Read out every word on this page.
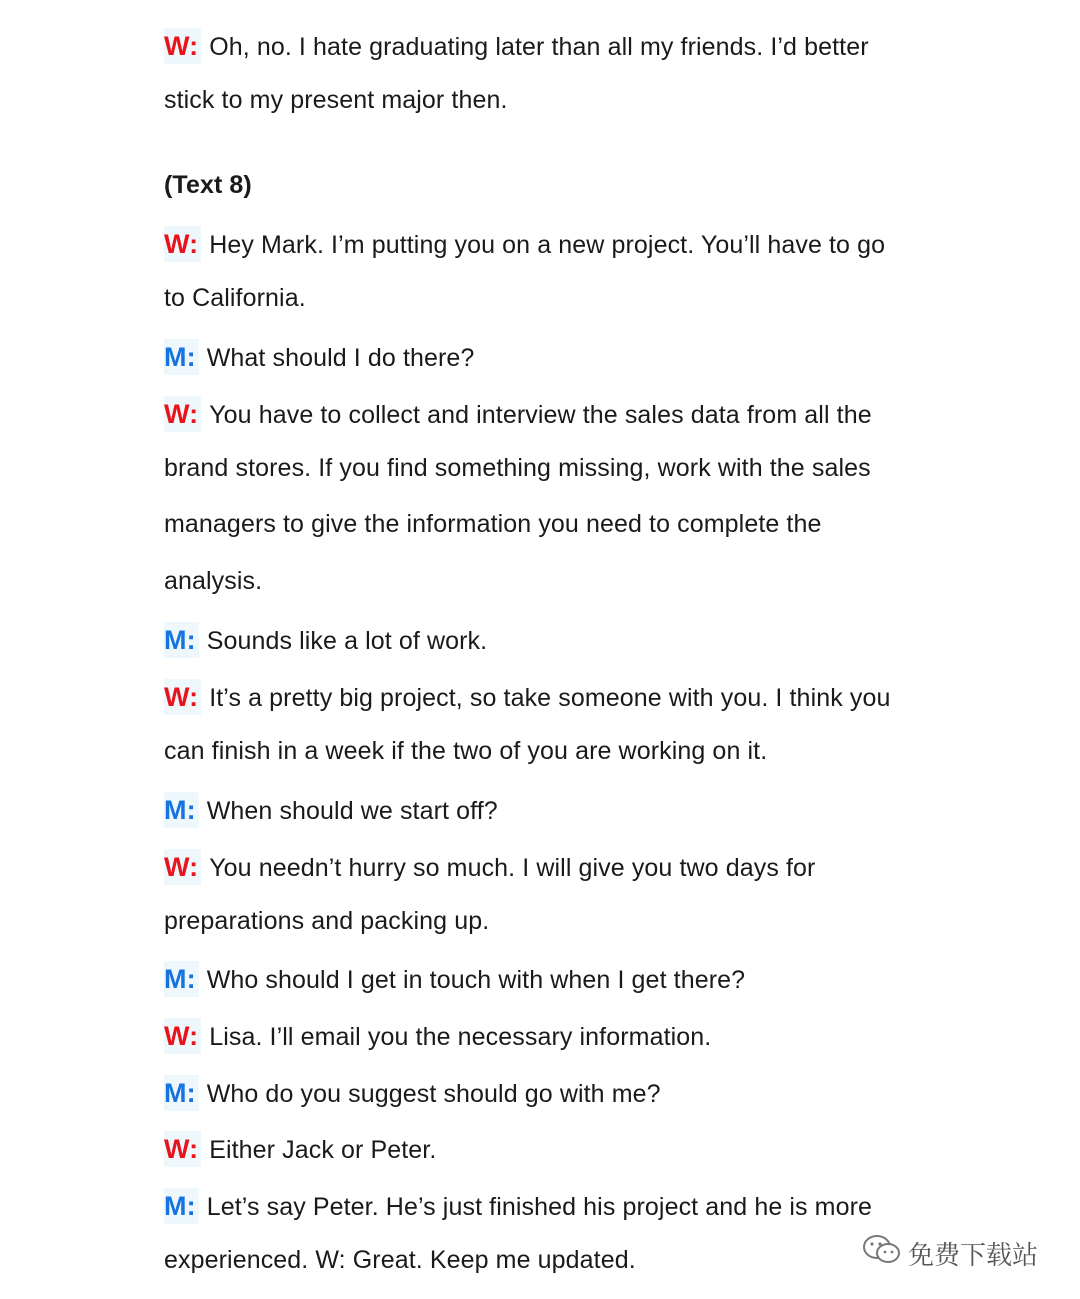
W: Oh, no. I hate graduating later than all my friends. I’d better
stick to my present major then.
(Text 8)
W: Hey Mark. I’m putting you on a new project. You’ll have to go
to California.
M: What should I do there?
W: You have to collect and interview the sales data from all the
brand stores. If you find something missing, work with the sales
managers to give the information you need to complete the
analysis.
M: Sounds like a lot of work.
W: It’s a pretty big project, so take someone with you. I think you
can finish in a week if the two of you are working on it.
M: When should we start off?
W: You needn’t hurry so much. I will give you two days for
preparations and packing up.
M: Who should I get in touch with when I get there?
W: Lisa. I’ll email you the necessary information.
M: Who do you suggest should go with me?
W: Either Jack or Peter.
M: Let’s say Peter. He’s just finished his project and he is more
experienced. W: Great. Keep me updated.	免费下载站
